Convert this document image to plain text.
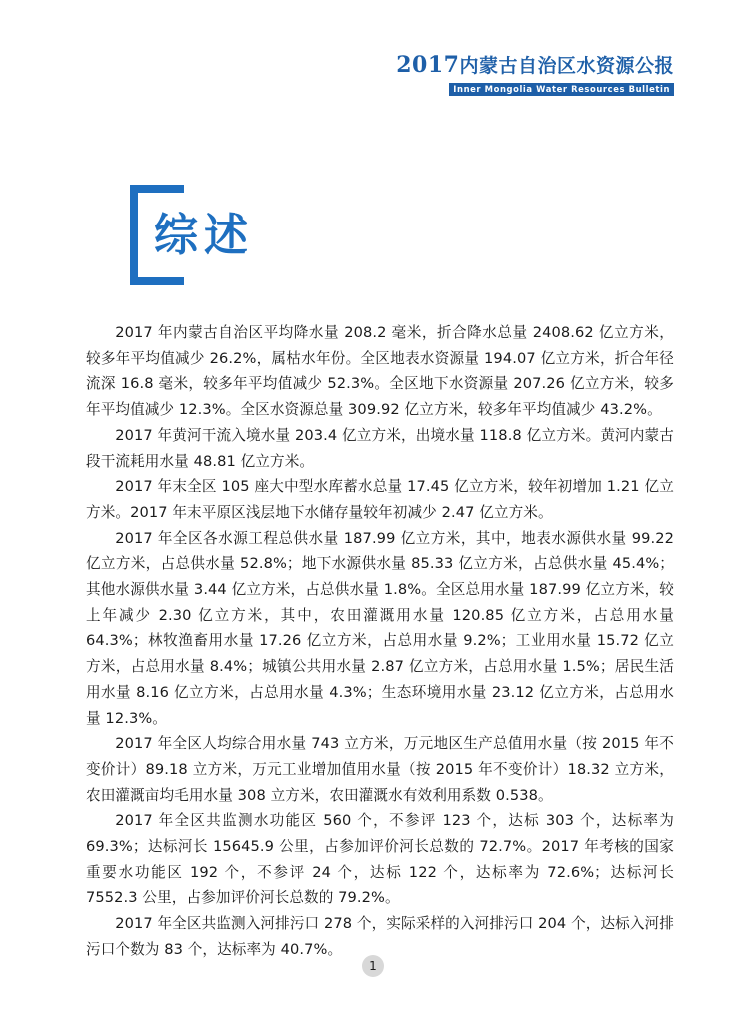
2017内蒙古自治区水资源公报
Inner Mongolia Water Resources Bulletin
综述

2017 年内蒙古自治区平均降水量 208.2 毫米，折合降水总量 2408.62 亿立方米，较多年平均值减少 26.2%，属枯水年份。全区地表水资源量 194.07 亿立方米，折合年径流深 16.8 毫米，较多年平均值减少 52.3%。全区地下水资源量 207.26 亿立方米，较多年平均值减少 12.3%。全区水资源总量 309.92 亿立方米，较多年平均值减少 43.2%。

2017 年黄河干流入境水量 203.4 亿立方米，出境水量 118.8 亿立方米。黄河内蒙古段干流耗用水量 48.81 亿立方米。

2017 年末全区 105 座大中型水库蓄水总量 17.45 亿立方米，较年初增加 1.21 亿立方米。2017 年末平原区浅层地下水储存量较年初减少 2.47 亿立方米。

2017 年全区各水源工程总供水量 187.99 亿立方米，其中，地表水源供水量 99.22 亿立方米，占总供水量 52.8%；地下水源供水量 85.33 亿立方米，占总供水量 45.4%；其他水源供水量 3.44 亿立方米，占总供水量 1.8%。全区总用水量 187.99 亿立方米，较上年减少 2.30 亿立方米，其中，农田灌溉用水量 120.85 亿立方米，占总用水量 64.3%；林牧渔畜用水量 17.26 亿立方米，占总用水量 9.2%；工业用水量 15.72 亿立方米，占总用水量 8.4%；城镇公共用水量 2.87 亿立方米，占总用水量 1.5%；居民生活用水量 8.16 亿立方米，占总用水量 4.3%；生态环境用水量 23.12 亿立方米，占总用水量 12.3%。

2017 年全区人均综合用水量 743 立方米，万元地区生产总值用水量（按 2015 年不变价计）89.18 立方米，万元工业增加值用水量（按 2015 年不变价计）18.32 立方米，农田灌溉亩均毛用水量 308 立方米，农田灌溉水有效利用系数 0.538。

2017 年全区共监测水功能区 560 个，不参评 123 个，达标 303 个，达标率为 69.3%；达标河长 15645.9 公里，占参加评价河长总数的 72.7%。2017 年考核的国家重要水功能区 192 个，不参评 24 个，达标 122 个，达标率为 72.6%；达标河长 7552.3 公里，占参加评价河长总数的 79.2%。

2017 年全区共监测入河排污口 278 个，实际采样的入河排污口 204 个，达标入河排污口个数为 83 个，达标率为 40.7%。

1
